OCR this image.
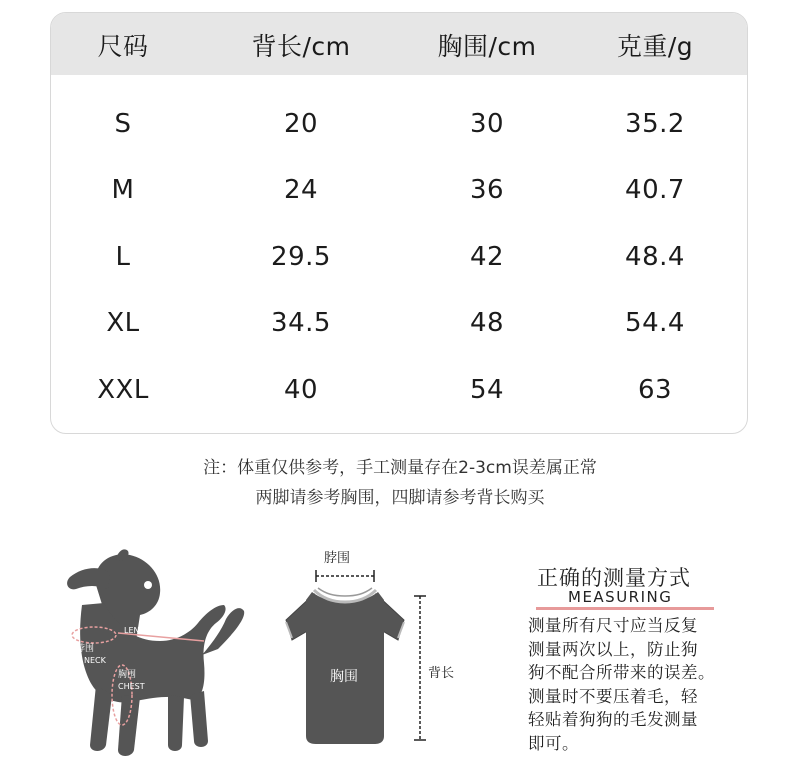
尺码	背长/cm	胸围/cm	克重/g
S	20	30	35.2
M	24	36	40.7
L	29.5	42	48.4
XL	34.5	48	54.4
XXL	40	54	63
注：体重仅供参考，手工测量存在2-3cm误差属正常
两脚请参考胸围，四脚请参考背长购买
LENGTH背长
脖围
NECK
胸围
CHEST
脖围
胸围	背长
正确的测量方式
MEASURING
测量所有尺寸应当反复
测量两次以上，防止狗
狗不配合所带来的误差。
测量时不要压着毛，轻
轻贴着狗狗的毛发测量
即可。
